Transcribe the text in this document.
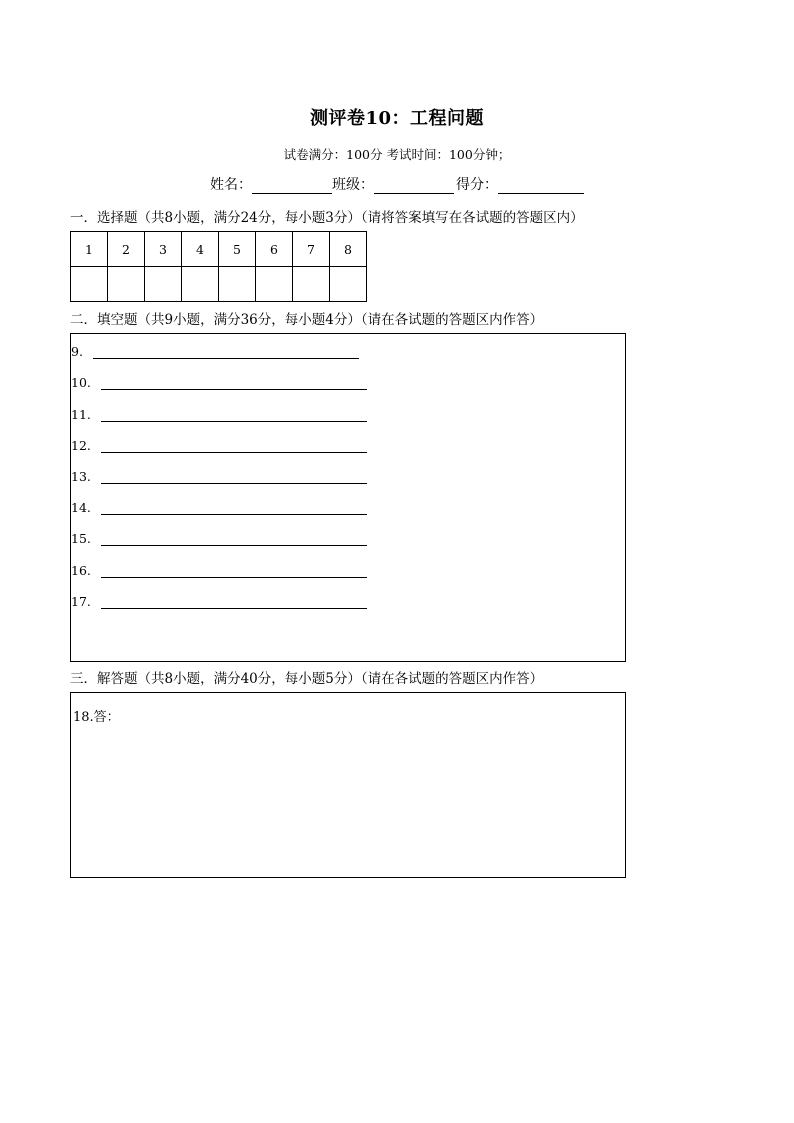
测评卷10：工程问题
试卷满分：100分 考试时间：100分钟；
姓名：	班级：	得分：
一．选择题（共8小题，满分24分，每小题3分）（请将答案填写在各试题的答题区内）
1	2	3	4	5	6	7	8

二．填空题（共9小题，满分36分，每小题4分）（请在各试题的答题区内作答）
9.
10.
11.
12.
13.
14.
15.
16.
17.
三．解答题（共8小题，满分40分，每小题5分）（请在各试题的答题区内作答）
18.答：
